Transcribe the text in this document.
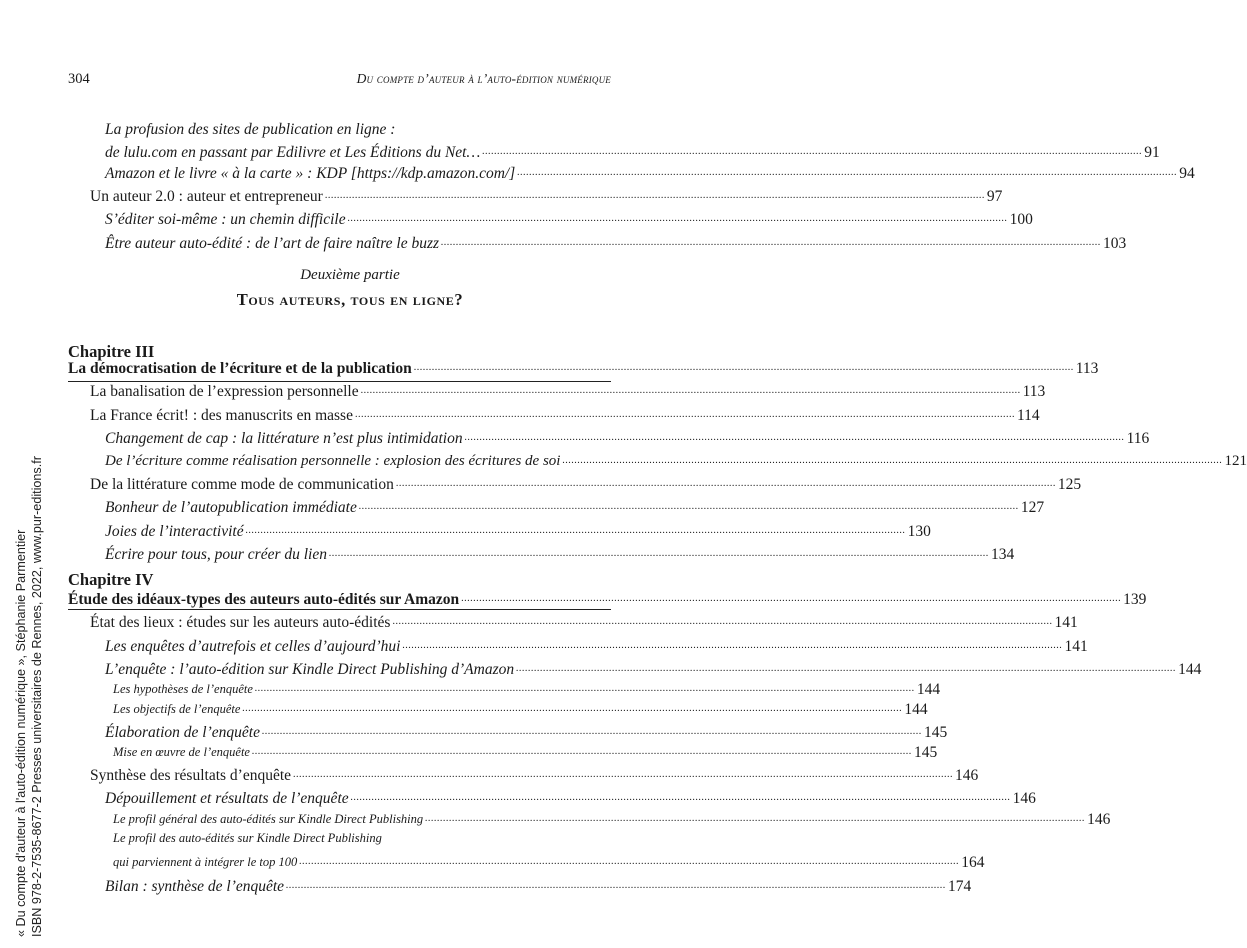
304	Du compte d’auteur à l’auto-édition numérique
La profusion des sites de publication en ligne :
de lulu.com en passant par Edilivre et Les Éditions du Net… ............................................................................................................................................................................................................................ 91
Amazon et le livre « à la carte » : KDP [https://kdp.amazon.com/] ............................................................................................................................................................................................................................ 94
Un auteur 2.0 : auteur et entrepreneur ............................................................................................................................................................................................................................ 97
S’éditer soi-même : un chemin difficile ............................................................................................................................................................................................................................ 100
Être auteur auto-édité : de l’art de faire naître le buzz ............................................................................................................................................................................................................................ 103
Deuxième partie
Tous auteurs, tous en ligne?
Chapitre III
La démocratisation de l’écriture et de la publication ............................................................................................................................................................................................................................ 113
La banalisation de l’expression personnelle ............................................................................................................................................................................................................................ 113
La France écrit! : des manuscrits en masse ............................................................................................................................................................................................................................ 114
Changement de cap : la littérature n’est plus intimidation ............................................................................................................................................................................................................................ 116
De l’écriture comme réalisation personnelle : explosion des écritures de soi ............................................................................................................................................................................................................................ 121
De la littérature comme mode de communication ............................................................................................................................................................................................................................ 125
Bonheur de l’autopublication immédiate ............................................................................................................................................................................................................................ 127
Joies de l’interactivité ............................................................................................................................................................................................................................ 130
Écrire pour tous, pour créer du lien ............................................................................................................................................................................................................................ 134
Chapitre IV
Étude des idéaux-types des auteurs auto-édités sur Amazon ............................................................................................................................................................................................................................ 139
État des lieux : études sur les auteurs auto-édités ............................................................................................................................................................................................................................ 141
Les enquêtes d’autrefois et celles d’aujourd’hui ............................................................................................................................................................................................................................ 141
L’enquête : l’auto-édition sur Kindle Direct Publishing d’Amazon ............................................................................................................................................................................................................................ 144
Les hypothèses de l’enquête ............................................................................................................................................................................................................................ 144
Les objectifs de l’enquête ............................................................................................................................................................................................................................ 144
Élaboration de l’enquête ............................................................................................................................................................................................................................ 145
Mise en œuvre de l’enquête ............................................................................................................................................................................................................................ 145
Synthèse des résultats d’enquête ............................................................................................................................................................................................................................ 146
Dépouillement et résultats de l’enquête ............................................................................................................................................................................................................................ 146
Le profil général des auto-édités sur Kindle Direct Publishing ............................................................................................................................................................................................................................ 146
Le profil des auto-édités sur Kindle Direct Publishing
qui parviennent à intégrer le top 100 ............................................................................................................................................................................................................................ 164
Bilan : synthèse de l’enquête ............................................................................................................................................................................................................................ 174
« Du compte d'auteur à l'auto-édition numérique », Stéphanie Parmentier ISBN 978-2-7535-8677-2 Presses universitaires de Rennes, 2022, www.pur-editions.fr
